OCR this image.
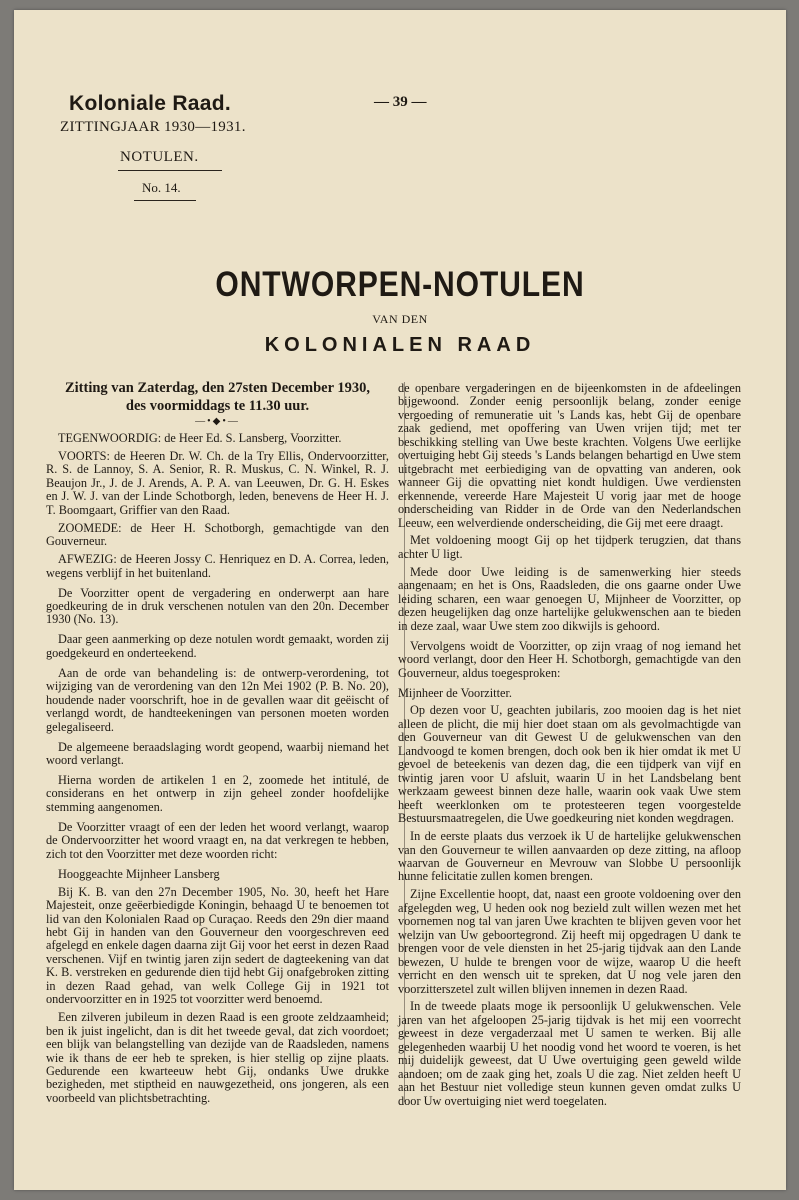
Koloniale Raad.
ZITTINGJAAR 1930—1931.
— 39 —
NOTULEN.
No. 14.
ONTWORPEN-NOTULEN
VAN DEN
KOLONIALEN RAAD
Zitting van Zaterdag, den 27sten December 1930,
des voormiddags te 11.30 uur.
—•◆•—

TEGENWOORDIG: de Heer Ed. S. Lansberg, Voorzitter.

VOORTS: de Heeren Dr. W. Ch. de la Try Ellis, Ondervoorzitter, R. S. de Lannoy, S. A. Senior, R. R. Muskus, C. N. Winkel, R. J. Beaujon Jr., J. de J. Arends, A. P. A. van Leeuwen, Dr. G. H. Eskes en J. W. J. van der Linde Schotborgh, leden, benevens de Heer H. J. T. Boomgaart, Griffier van den Raad.

ZOOMEDE: de Heer H. Schotborgh, gemachtigde van den Gouverneur.

AFWEZIG: de Heeren Jossy C. Henriquez en D. A. Correa, leden, wegens verblijf in het buitenland.

De Voorzitter opent de vergadering en onderwerpt aan hare goedkeuring de in druk verschenen notulen van den 20n. December 1930 (No. 13).

Daar geen aanmerking op deze notulen wordt gemaakt, worden zij goedgekeurd en onderteekend.

Aan de orde van behandeling is: de ontwerp-verordening, tot wijziging van de verordening van den 12n Mei 1902 (P. B. No. 20), houdende nader voorschrift, hoe in de gevallen waar dit geëischt of verlangd wordt, de handteekeningen van personen moeten worden gelegaliseerd.

De algemeene beraadslaging wordt geopend, waarbij niemand het woord verlangt.

Hierna worden de artikelen 1 en 2, zoomede het intitulé, de considerans en het ontwerp in zijn geheel zonder hoofdelijke stemming aangenomen.

De Voorzitter vraagt of een der leden het woord verlangt, waarop de Ondervoorzitter het woord vraagt en, na dat verkregen te hebben, zich tot den Voorzitter met deze woorden richt:

Hooggeachte Mijnheer Lansberg

Bij K. B. van den 27n December 1905, No. 30, heeft het Hare Majesteit, onze geëerbiedigde Koningin, behaagd U te benoemen tot lid van den Kolonialen Raad op Curaçao. Reeds den 29n dier maand hebt Gij in handen van den Gouverneur den voorgeschreven eed afgelegd en enkele dagen daarna zijt Gij voor het eerst in dezen Raad verschenen. Vijf en twintig jaren zijn sedert de dagteekening van dat K. B. verstreken en gedurende dien tijd hebt Gij onafgebroken zitting in dezen Raad gehad, van welk College Gij in 1921 tot ondervoorzitter en in 1925 tot voorzitter werd benoemd.

Een zilveren jubileum in dezen Raad is een groote zeldzaamheid; ben ik juist ingelicht, dan is dit het tweede geval, dat zich voordoet; een blijk van belangstelling van dezijde van de Raadsleden, namens wie ik thans de eer heb te spreken, is hier stellig op zijne plaats. Gedurende een kwarteeuw hebt Gij, ondanks Uwe drukke bezigheden, met stiptheid en nauwgezetheid, ons jongeren, als een voorbeeld van plichtsbetrachting.

de openbare vergaderingen en de bijeenkomsten in de afdeelingen bijgewoond. Zonder eenig persoonlijk belang, zonder eenige vergoeding of remuneratie uit 's Lands kas, hebt Gij de openbare zaak gediend, met opoffering van Uwen vrijen tijd; met ter beschikking stelling van Uwe beste krachten. Volgens Uwe eerlijke overtuiging hebt Gij steeds 's Lands belangen behartigd en Uwe stem uitgebracht met eerbiediging van de opvatting van anderen, ook wanneer Gij die opvatting niet kondt huldigen. Uwe verdiensten erkennende, vereerde Hare Majesteit U vorig jaar met de hooge onderscheiding van Ridder in de Orde van den Nederlandschen Leeuw, een welverdiende onderscheiding, die Gij met eere draagt.

Met voldoening moogt Gij op het tijdperk terugzien, dat thans achter U ligt.

Mede door Uwe leiding is de samenwerking hier steeds aangenaam; en het is Ons, Raadsleden, die ons gaarne onder Uwe leiding scharen, een waar genoegen U, Mijnheer de Voorzitter, op dezen heugelijken dag onze hartelijke gelukwenschen aan te bieden in deze zaal, waar Uwe stem zoo dikwijls is gehoord.

Vervolgens woidt de Voorzitter, op zijn vraag of nog iemand het woord verlangt, door den Heer H. Schotborgh, gemachtigde van den Gouverneur, aldus toegesproken:

Mijnheer de Voorzitter.

Op dezen voor U, geachten jubilaris, zoo mooien dag is het niet alleen de plicht, die mij hier doet staan om als gevolmachtigde van den Gouverneur van dit Gewest U de gelukwenschen van den Landvoogd te komen brengen, doch ook ben ik hier omdat ik met U gevoel de beteekenis van dezen dag, die een tijdperk van vijf en twintig jaren voor U afsluit, waarin U in het Landsbelang bent werkzaam geweest binnen deze halle, waarin ook vaak Uwe stem heeft weerklonken om te protesteeren tegen voorgestelde Bestuursmaatregelen, die Uwe goedkeuring niet konden wegdragen.

In de eerste plaats dus verzoek ik U de hartelijke gelukwenschen van den Gouverneur te willen aanvaarden op deze zitting, na afloop waarvan de Gouverneur en Mevrouw van Slobbe U persoonlijk hunne felicitatie zullen komen brengen.

Zijne Excellentie hoopt, dat, naast een groote voldoening over den afgelegden weg, U heden ook nog bezield zult willen wezen met het voornemen nog tal van jaren Uwe krachten te blijven geven voor het welzijn van Uw geboortegrond. Zij heeft mij opgedragen U dank te brengen voor de vele diensten in het 25-jarig tijdvak aan den Lande bewezen, U hulde te brengen voor de wijze, waarop U die heeft verricht en den wensch uit te spreken, dat U nog vele jaren den voorzitterszetel zult willen blijven innemen in dezen Raad.

In de tweede plaats moge ik persoonlijk U gelukwenschen. Vele jaren van het afgeloopen 25-jarig tijdvak is het mij een voorrecht geweest in deze vergaderzaal met U samen te werken. Bij alle gelegenheden waarbij U het noodig vond het woord te voeren, is het mij duidelijk geweest, dat U Uwe overtuiging geen geweld wilde aandoen; om de zaak ging het, zoals U die zag. Niet zelden heeft U aan het Bestuur niet volledige steun kunnen geven omdat zulks U door Uw overtuiging niet werd toegelaten.
